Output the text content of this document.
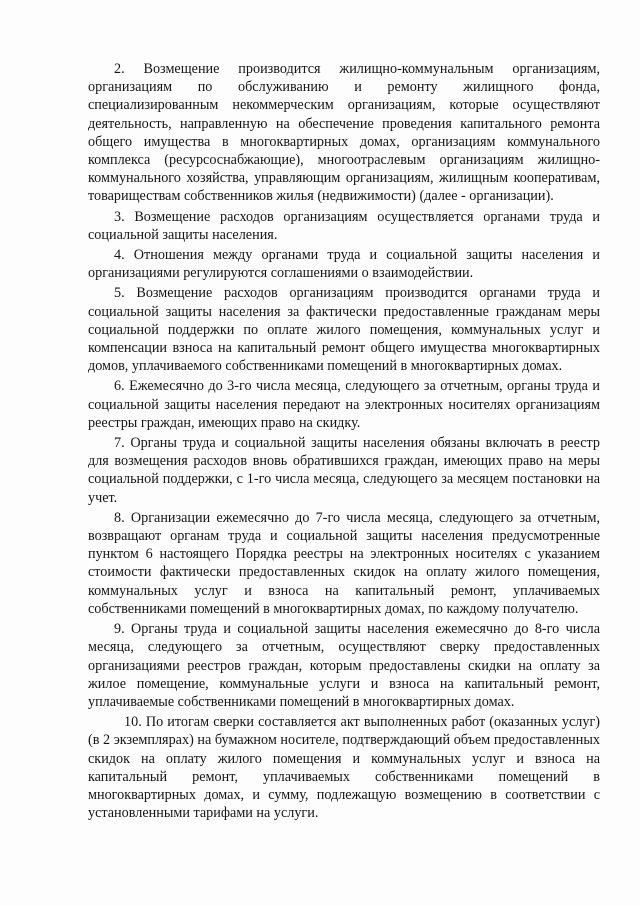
2. Возмещение производится жилищно-коммунальным организациям, организациям по обслуживанию и ремонту жилищного фонда, специализированным некоммерческим организациям, которые осуществляют деятельность, направленную на обеспечение проведения капитального ремонта общего имущества в многоквартирных домах, организациям коммунального комплекса (ресурсоснабжающие), многоотраслевым организациям жилищно-коммунального хозяйства, управляющим организациям, жилищным кооперативам, товариществам собственников жилья (недвижимости) (далее - организации).

3. Возмещение расходов организациям осуществляется органами труда и социальной защиты населения.

4. Отношения между органами труда и социальной защиты населения и организациями регулируются соглашениями о взаимодействии.

5. Возмещение расходов организациям производится органами труда и социальной защиты населения за фактически предоставленные гражданам меры социальной поддержки по оплате жилого помещения, коммунальных услуг и компенсации взноса на капитальный ремонт общего имущества многоквартирных домов, уплачиваемого собственниками помещений в многоквартирных домах.

6. Ежемесячно до 3-го числа месяца, следующего за отчетным, органы труда и социальной защиты населения передают на электронных носителях организациям реестры граждан, имеющих право на скидку.

7. Органы труда и социальной защиты населения обязаны включать в реестр для возмещения расходов вновь обратившихся граждан, имеющих право на меры социальной поддержки, с 1-го числа месяца, следующего за месяцем постановки на учет.

8. Организации ежемесячно до 7-го числа месяца, следующего за отчетным, возвращают органам труда и социальной защиты населения предусмотренные пунктом 6 настоящего Порядка реестры на электронных носителях с указанием стоимости фактически предоставленных скидок на оплату жилого помещения, коммунальных услуг и взноса на капитальный ремонт, уплачиваемых собственниками помещений в многоквартирных домах, по каждому получателю.

9. Органы труда и социальной защиты населения ежемесячно до 8-го числа месяца, следующего за отчетным, осуществляют сверку предоставленных организациями реестров граждан, которым предоставлены скидки на оплату за жилое помещение, коммунальные услуги и взноса на капитальный ремонт, уплачиваемые собственниками помещений в многоквартирных домах.

10. По итогам сверки составляется акт выполненных работ (оказанных услуг) (в 2 экземплярах) на бумажном носителе, подтверждающий объем предоставленных скидок на оплату жилого помещения и коммунальных услуг и взноса на капитальный ремонт, уплачиваемых собственниками помещений в многоквартирных домах, и сумму, подлежащую возмещению в соответствии с установленными тарифами на услуги.
